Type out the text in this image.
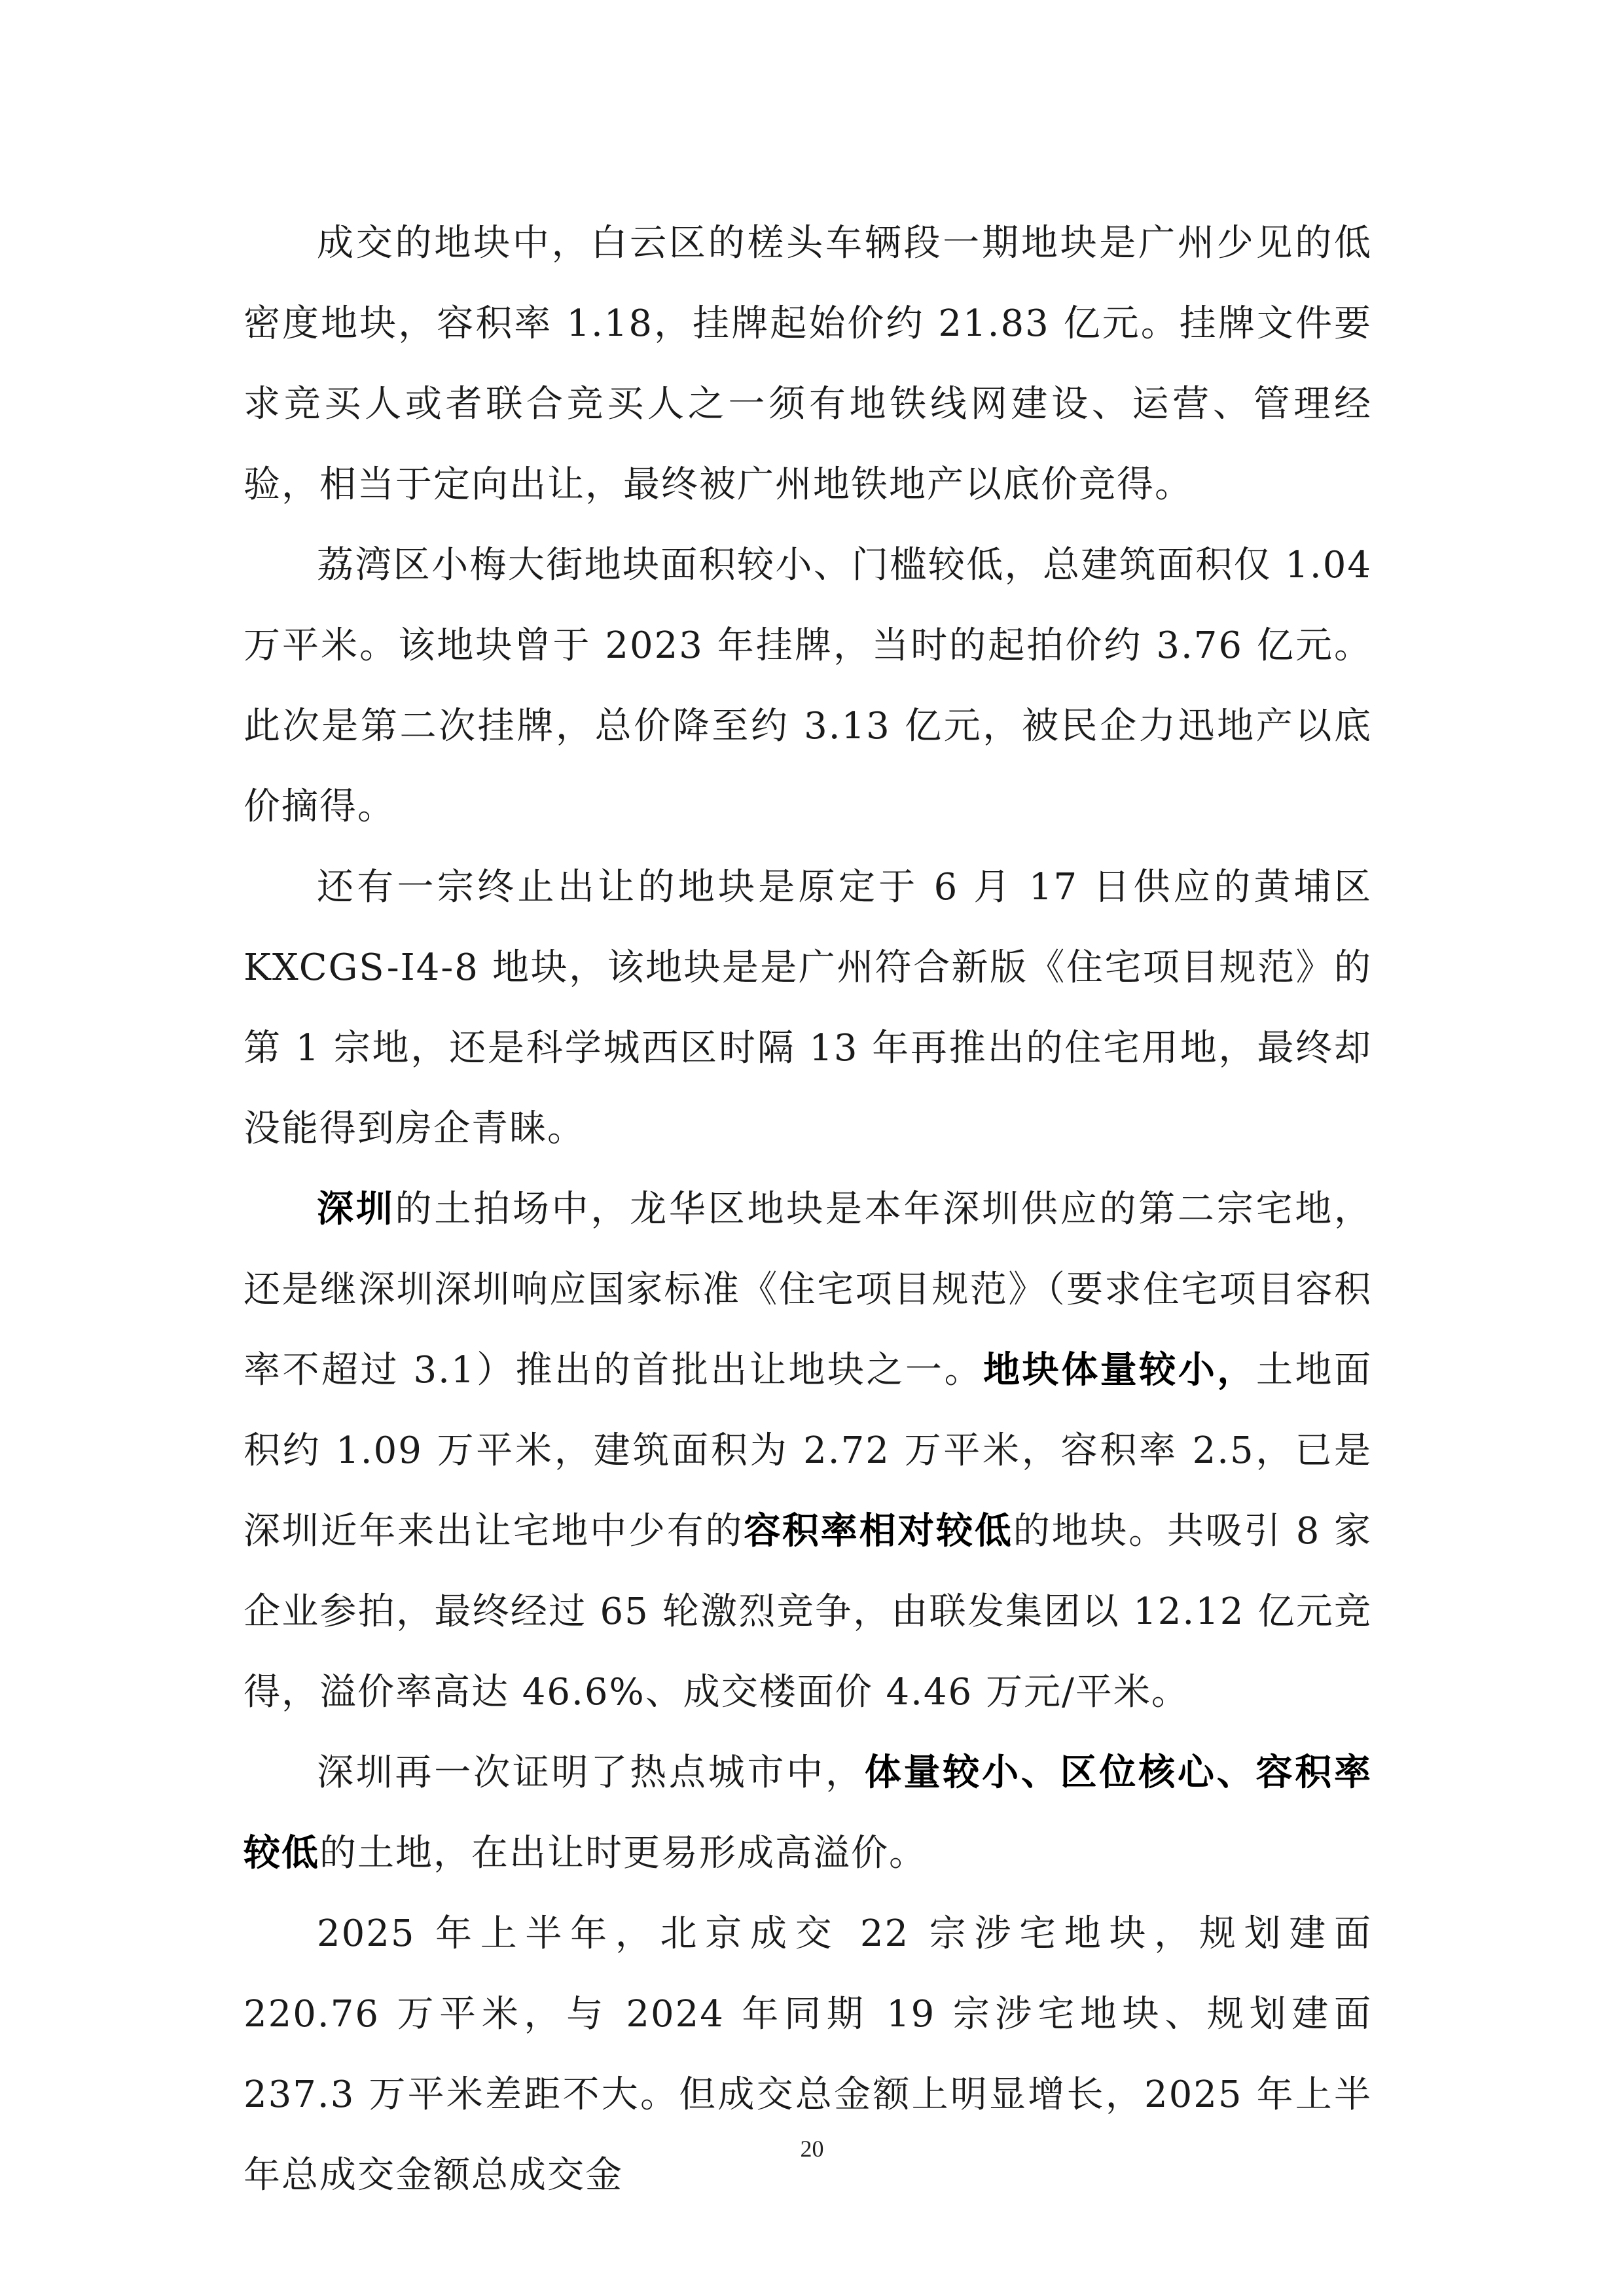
成交的地块中，白云区的槎头车辆段一期地块是广州少见的低密度地块，容积率 1.18，挂牌起始价约 21.83 亿元。挂牌文件要求竞买人或者联合竞买人之一须有地铁线网建设、运营、管理经验，相当于定向出让，最终被广州地铁地产以底价竞得。

荔湾区小梅大街地块面积较小、门槛较低，总建筑面积仅 1.04 万平米。该地块曾于 2023 年挂牌，当时的起拍价约 3.76 亿元。此次是第二次挂牌，总价降至约 3.13 亿元，被民企力迅地产以底价摘得。

还有一宗终止出让的地块是原定于 6 月 17 日供应的黄埔区 KXCGS-I4-8 地块，该地块是是广州符合新版《住宅项目规范》的第 1 宗地，还是科学城西区时隔 13 年再推出的住宅用地，最终却没能得到房企青睐。

深圳的土拍场中，龙华区地块是本年深圳供应的第二宗宅地，还是继深圳深圳响应国家标准《住宅项目规范》（要求住宅项目容积率不超过 3.1）推出的首批出让地块之一。地块体量较小，土地面积约 1.09 万平米，建筑面积为 2.72 万平米，容积率 2.5，已是深圳近年来出让宅地中少有的容积率相对较低的地块。共吸引 8 家企业参拍，最终经过 65 轮激烈竞争，由联发集团以 12.12 亿元竞得，溢价率高达 46.6%、成交楼面价 4.46 万元/平米。

深圳再一次证明了热点城市中，体量较小、区位核心、容积率较低的土地，在出让时更易形成高溢价。

2025 年上半年，北京成交 22 宗涉宅地块，规划建面 220.76 万平米，与 2024 年同期 19 宗涉宅地块、规划建面 237.3 万平米差距不大。但成交总金额上明显增长，2025 年上半年总成交金额总成交金

20
